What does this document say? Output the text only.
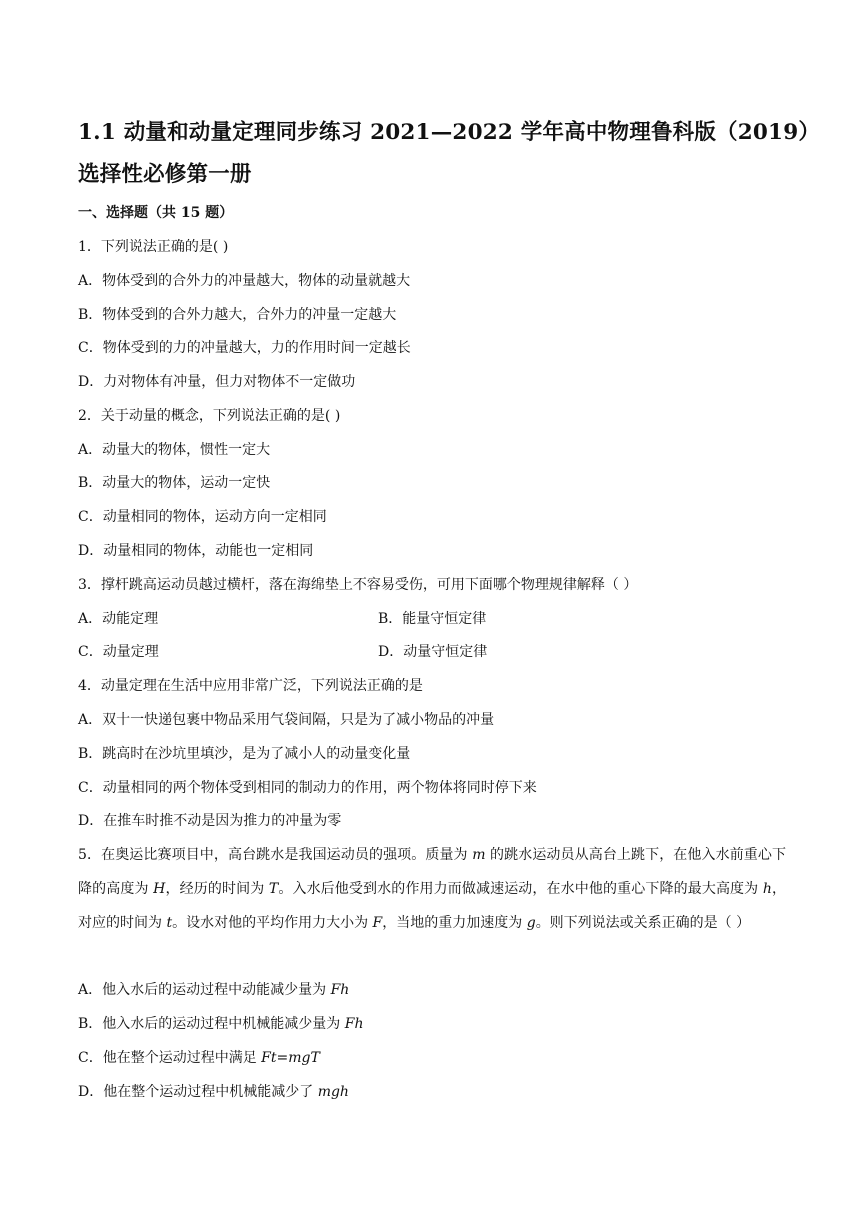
1.1 动量和动量定理同步练习 2021—2022 学年高中物理鲁科版（2019）选择性必修第一册
一、选择题（共 15 题）
1．下列说法正确的是( )
A．物体受到的合外力的冲量越大，物体的动量就越大
B．物体受到的合外力越大，合外力的冲量一定越大
C．物体受到的力的冲量越大，力的作用时间一定越长
D．力对物体有冲量，但力对物体不一定做功
2．关于动量的概念，下列说法正确的是( )
A．动量大的物体，惯性一定大
B．动量大的物体，运动一定快
C．动量相同的物体，运动方向一定相同
D．动量相同的物体，动能也一定相同
3．撑杆跳高运动员越过横杆，落在海绵垫上不容易受伤，可用下面哪个物理规律解释（ ）
A．动能定理	B．能量守恒定律
C．动量定理	D．动量守恒定律
4．动量定理在生活中应用非常广泛，下列说法正确的是
A．双十一快递包裹中物品采用气袋间隔，只是为了减小物品的冲量
B．跳高时在沙坑里填沙，是为了减小人的动量变化量
C．动量相同的两个物体受到相同的制动力的作用，两个物体将同时停下来
D．在推车时推不动是因为推力的冲量为零
5．在奥运比赛项目中，高台跳水是我国运动员的强项。质量为 m 的跳水运动员从高台上跳下，在他入水前重心下降的高度为 H，经历的时间为 T。入水后他受到水的作用力而做减速运动，在水中他的重心下降的最大高度为 h，对应的时间为 t。设水对他的平均作用力大小为 F，当地的重力加速度为 g。则下列说法或关系正确的是（ ）
A．他入水后的运动过程中动能减少量为 Fh
B．他入水后的运动过程中机械能减少量为 Fh
C．他在整个运动过程中满足 Ft=mgT
D．他在整个运动过程中机械能减少了 mgh
